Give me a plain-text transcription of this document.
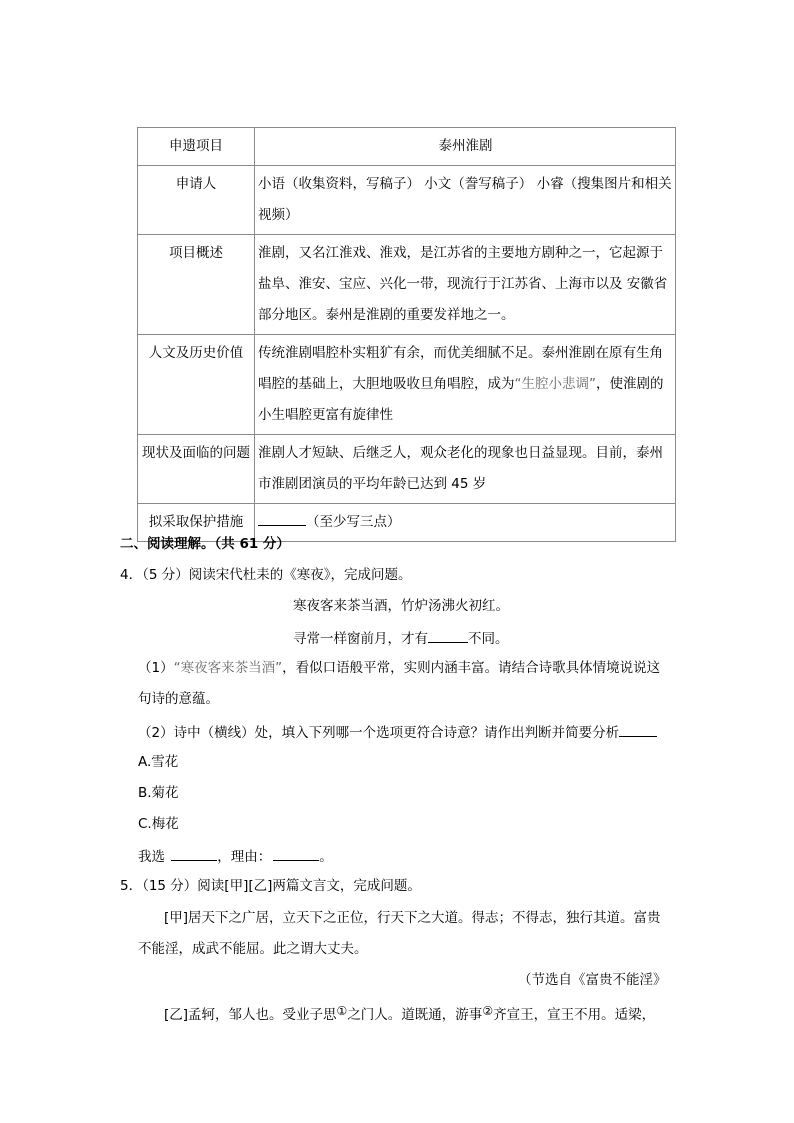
申遗项目	泰州淮剧
申请人	小语（收集资料，写稿子） 小文（誊写稿子） 小睿（搜集图片和相关视频）
项目概述	淮剧，又名江淮戏、淮戏，是江苏省的主要地方剧种之一，它起源于盐阜、淮安、宝应、兴化一带，现流行于江苏省、上海市以及 安徽省部分地区。泰州是淮剧的重要发祥地之一。
人文及历史价值	传统淮剧唱腔朴实粗犷有余，而优美细腻不足。泰州淮剧在原有生角唱腔的基础上，大胆地吸收旦角唱腔，成为“生腔小悲调”，使淮剧的小生唱腔更富有旋律性
现状及面临的问题	淮剧人才短缺、后继乏人，观众老化的现象也日益显现。目前，泰州市淮剧团演员的平均年龄已达到 45 岁
拟采取保护措施	（至少写三点）
二、阅读理解。（共 61 分）
4．（5 分）阅读宋代杜耒的《寒夜》，完成问题。
寒夜客来茶当酒，竹炉汤沸火初红。
寻常一样窗前月，才有	不同。
（1）“寒夜客来茶当酒”，看似口语般平常，实则内涵丰富。请结合诗歌具体情境说说这
句诗的意蕴。
（2）诗中（横线）处，填入下列哪一个选项更符合诗意？请作出判断并简要分析
A.雪花
B.菊花
C.梅花
我选	，理由：	。
5．（15 分）阅读[甲][乙]两篇文言文，完成问题。
[甲]居天下之广居，立天下之正位，行天下之大道。得志；不得志，独行其道。富贵
不能淫，成武不能屈。此之谓大丈夫。
（节选自《富贵不能淫》
[乙]孟轲，邹人也。受业子思①之门人。道既通，游事②齐宣王，宣王不用。适梁，
